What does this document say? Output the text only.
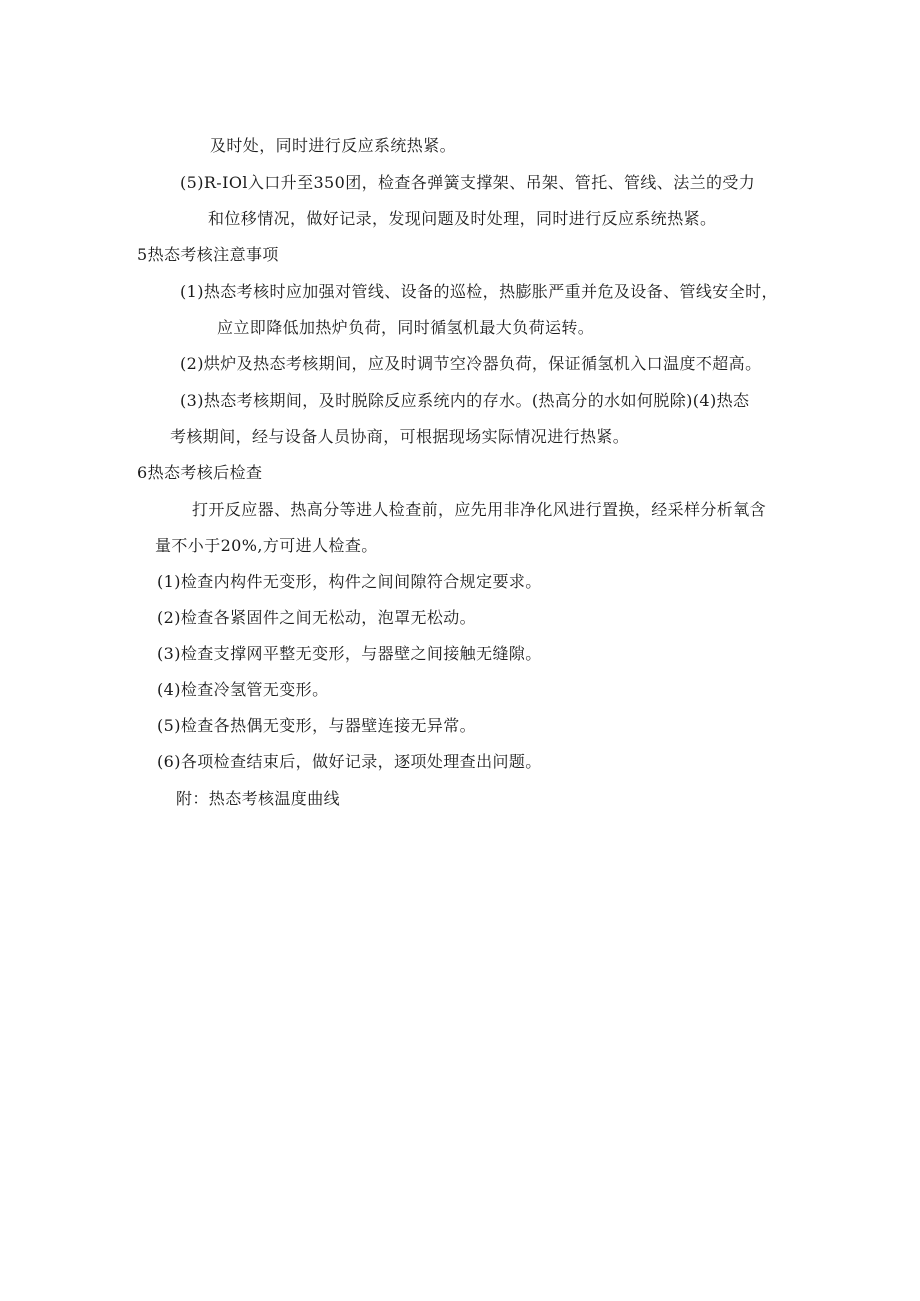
及时处，同时进行反应系统热紧。
(5)R-IOl入口升至350团，检查各弹簧支撑架、吊架、管托、管线、法兰的受力
和位移情况，做好记录，发现问题及时处理，同时进行反应系统热紧。
5热态考核注意事项
(1)热态考核时应加强对管线、设备的巡检，热膨胀严重并危及设备、管线安全时，
应立即降低加热炉负荷，同时循氢机最大负荷运转。
(2)烘炉及热态考核期间，应及时调节空冷器负荷，保证循氢机入口温度不超高。
(3)热态考核期间，及时脱除反应系统内的存水。(热高分的水如何脱除)(4)热态
考核期间，经与设备人员协商，可根据现场实际情况进行热紧。
6热态考核后检查
打开反应器、热高分等进人检查前，应先用非净化风进行置换，经采样分析氧含
量不小于20%,方可进人检查。
(1)检查内构件无变形，构件之间间隙符合规定要求。
(2)检查各紧固件之间无松动，泡罩无松动。
(3)检查支撑网平整无变形，与器壁之间接触无缝隙。
(4)检查冷氢管无变形。
(5)检查各热偶无变形，与器壁连接无异常。
(6)各项检查结束后，做好记录，逐项处理查出问题。
附：热态考核温度曲线
